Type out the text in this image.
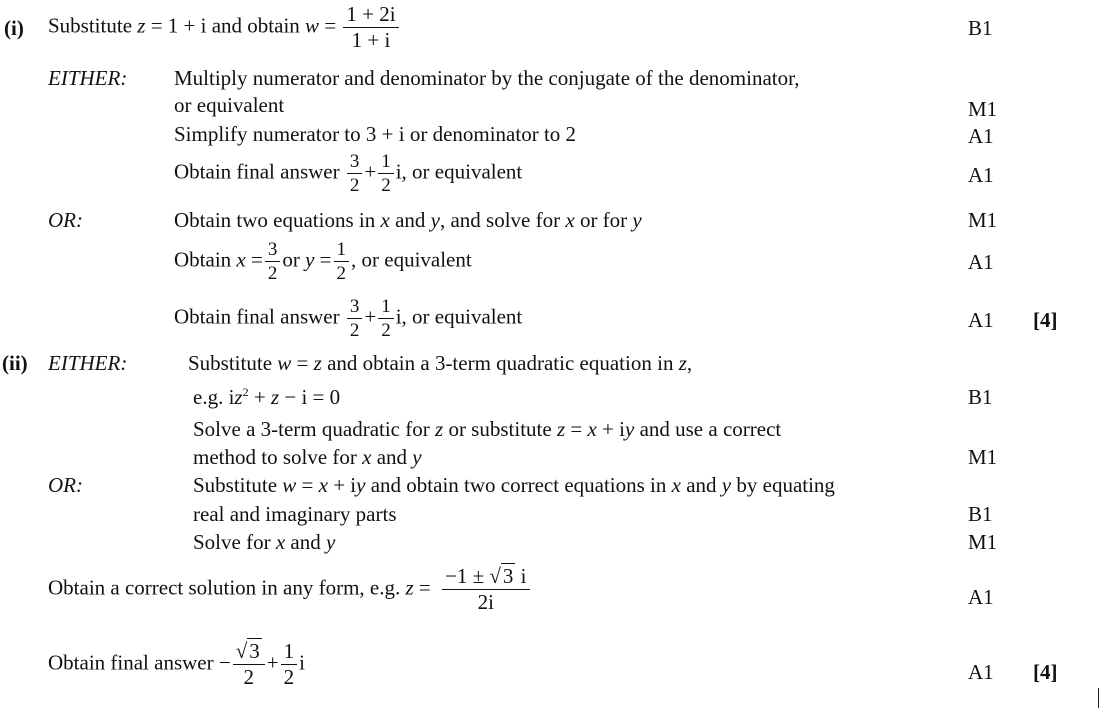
(i) Substitute z = 1 + i and obtain $w = \frac{1 + 2i}{1 + i}$	B1
EITHER: Multiply numerator and denominator by the conjugate of the denominator,
or equivalent	M1
Simplify numerator to 3 + i or denominator to 2	A1
Obtain final answer $\frac{3}{2} + \frac{1}{2} i$, or equivalent	A1
OR:	Obtain two equations in x and y, and solve for x or for y	M1
Obtain $x = \frac{3}{2}$ or $y = \frac{1}{2}$ , or equivalent	A1
Obtain final answer $\frac{3}{2} + \frac{1}{2} i$, or equivalent	A1	[4]
(ii) EITHER:	Substitute w = z and obtain a 3-term quadratic equation in z,
e.g. $iz^2 + z - i = 0$	B1
Solve a 3-term quadratic for z or substitute z = x + iy and use a correct
method to solve for x and y	M1
OR:	Substitute w = x + iy and obtain two correct equations in x and y by equating
real and imaginary parts	B1
Solve for x and y	M1
Obtain a correct solution in any form, e.g. $z = \frac{-1 \pm √3 i}{2i}$	A1
Obtain final answer − $\frac{√3}{2} + \frac{1}{2}$ i	A1	[4]
